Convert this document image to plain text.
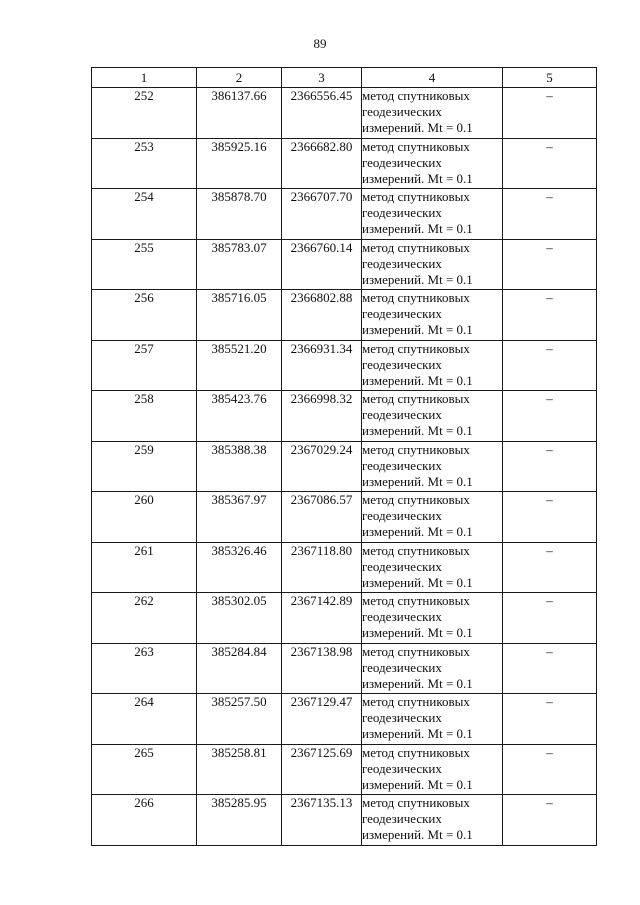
89
1	2	3	4	5
252	386137.66	2366556.45	метод спутниковых геодезических измерений. Mt = 0.1	–
253	385925.16	2366682.80	метод спутниковых геодезических измерений. Mt = 0.1	–
254	385878.70	2366707.70	метод спутниковых геодезических измерений. Mt = 0.1	–
255	385783.07	2366760.14	метод спутниковых геодезических измерений. Mt = 0.1	–
256	385716.05	2366802.88	метод спутниковых геодезических измерений. Mt = 0.1	–
257	385521.20	2366931.34	метод спутниковых геодезических измерений. Mt = 0.1	–
258	385423.76	2366998.32	метод спутниковых геодезических измерений. Mt = 0.1	–
259	385388.38	2367029.24	метод спутниковых геодезических измерений. Mt = 0.1	–
260	385367.97	2367086.57	метод спутниковых геодезических измерений. Mt = 0.1	–
261	385326.46	2367118.80	метод спутниковых геодезических измерений. Mt = 0.1	–
262	385302.05	2367142.89	метод спутниковых геодезических измерений. Mt = 0.1	–
263	385284.84	2367138.98	метод спутниковых геодезических измерений. Mt = 0.1	–
264	385257.50	2367129.47	метод спутниковых геодезических измерений. Mt = 0.1	–
265	385258.81	2367125.69	метод спутниковых геодезических измерений. Mt = 0.1	–
266	385285.95	2367135.13	метод спутниковых геодезических измерений. Mt = 0.1	–
